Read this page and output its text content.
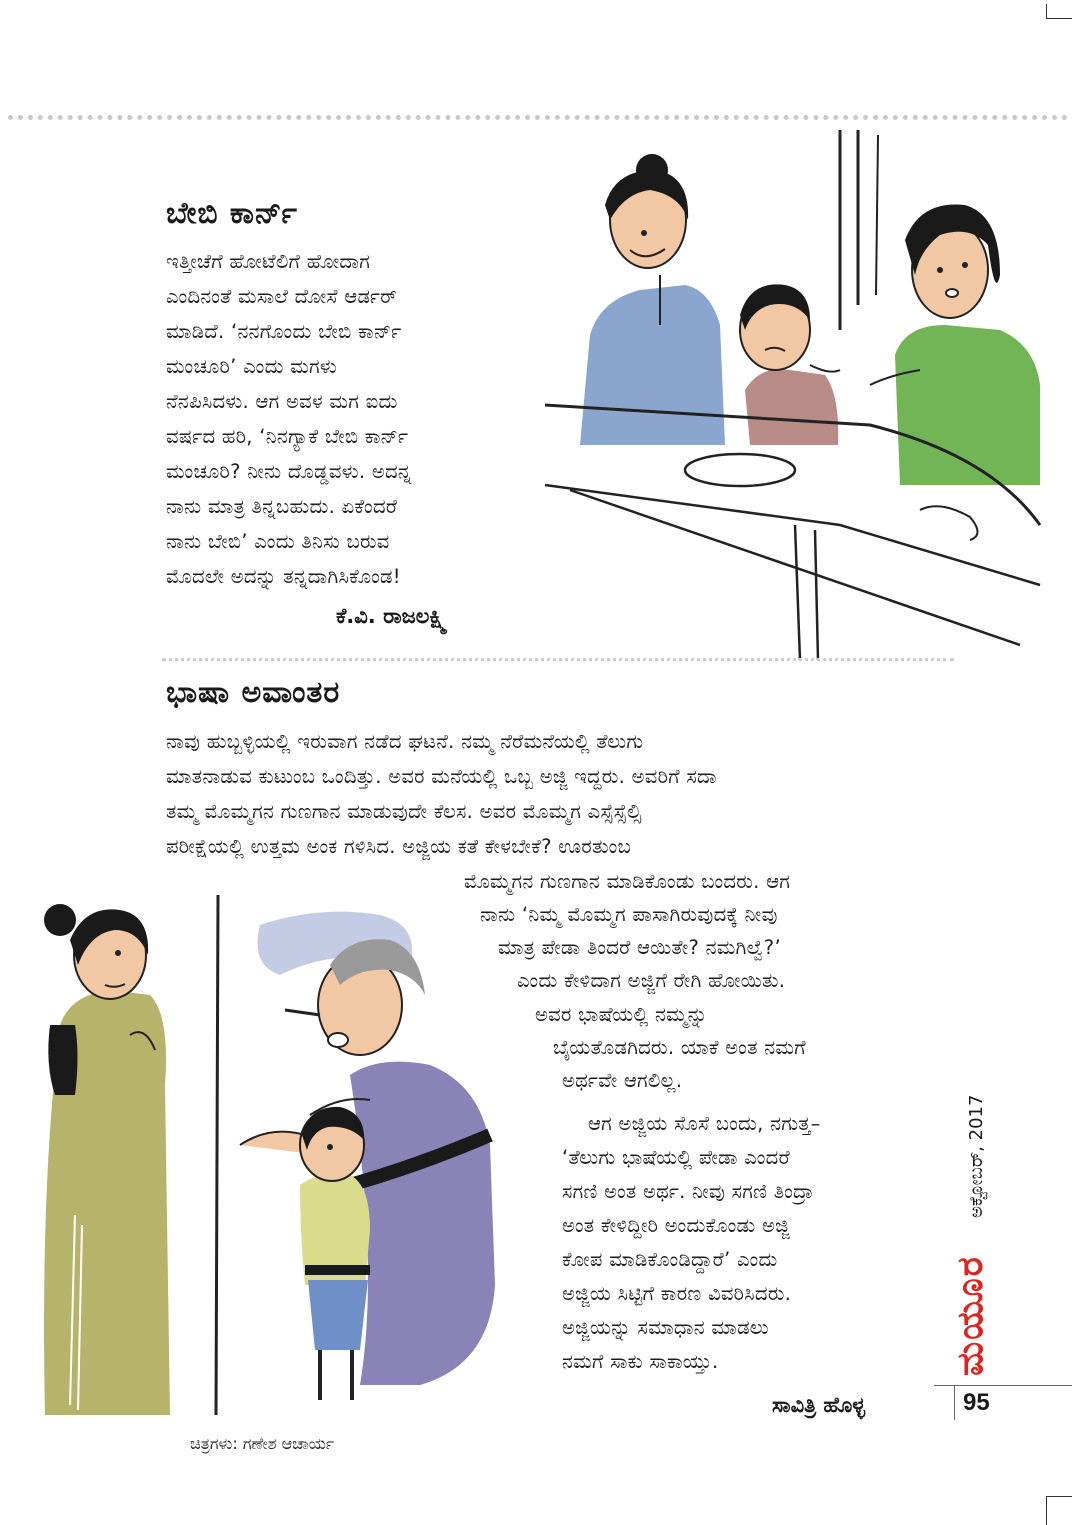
ಬೇಬಿ ಕಾರ್ನ್
ಇತ್ತೀಚೆಗೆ ಹೋಟೆಲಿಗೆ ಹೋದಾಗ
ಎಂದಿನಂತೆ ಮಸಾಲೆ ದೋಸೆ ಆರ್ಡರ್
ಮಾಡಿದೆ. ‘ನನಗೊಂದು ಬೇಬಿ ಕಾರ್ನ್
ಮಂಚೂರಿ’ ಎಂದು ಮಗಳು
ನೆನಪಿಸಿದಳು. ಆಗ ಅವಳ ಮಗ ಐದು
ವರ್ಷದ ಹರಿ, ‘ನಿನಗ್ಯಾಕೆ ಬೇಬಿ ಕಾರ್ನ್
ಮಂಚೂರಿ? ನೀನು ದೊಡ್ಡವಳು. ಅದನ್ನ
ನಾನು ಮಾತ್ರ ತಿನ್ನಬಹುದು. ಏಕೆಂದರೆ
ನಾನು ಬೇಬಿ’ ಎಂದು ತಿನಿಸು ಬರುವ
ಮೊದಲೇ ಅದನ್ನು ತನ್ನದಾಗಿಸಿಕೊಂಡ!
ಕೆ.ವಿ. ರಾಜಲಕ್ಷ್ಮಿ
ಭಾಷಾ ಅವಾಂತರ
ನಾವು ಹುಬ್ಬಳ್ಳಿಯಲ್ಲಿ ಇರುವಾಗ ನಡೆದ ಘಟನೆ. ನಮ್ಮ ನೆರೆಮನೆಯಲ್ಲಿ ತೆಲುಗು
ಮಾತನಾಡುವ ಕುಟುಂಬ ಒಂದಿತ್ತು. ಅವರ ಮನೆಯಲ್ಲಿ ಒಬ್ಬ ಅಜ್ಜಿ ಇದ್ದರು. ಅವರಿಗೆ ಸದಾ
ತಮ್ಮ ಮೊಮ್ಮಗನ ಗುಣಗಾನ ಮಾಡುವುದೇ ಕೆಲಸ. ಅವರ ಮೊಮ್ಮಗ ಎಸ್ಸೆಸ್ಸೆಲ್ಸಿ
ಪರೀಕ್ಷೆಯಲ್ಲಿ ಉತ್ತಮ ಅಂಕ ಗಳಿಸಿದ. ಅಜ್ಜಿಯ ಕತೆ ಕೇಳಬೇಕೆ? ಊರತುಂಬ
ಮೊಮ್ಮಗನ ಗುಣಗಾನ ಮಾಡಿಕೊಂಡು ಬಂದರು. ಆಗ
ನಾನು ‘ನಿಮ್ಮ ಮೊಮ್ಮಗ ಪಾಸಾಗಿರುವುದಕ್ಕೆ ನೀವು
ಮಾತ್ರ ಪೇಡಾ ತಿಂದರೆ ಆಯಿತೇ? ನಮಗಿಲ್ವೆ?’
ಎಂದು ಕೇಳಿದಾಗ ಅಜ್ಜಿಗೆ ರೇಗಿ ಹೋಯಿತು.
ಅವರ ಭಾಷೆಯಲ್ಲಿ ನಮ್ಮನ್ನು
ಬೈಯತೊಡಗಿದರು. ಯಾಕೆ ಅಂತ ನಮಗೆ
ಅರ್ಥವೇ ಆಗಲಿಲ್ಲ.
ಆಗ ಅಜ್ಜಿಯ ಸೊಸೆ ಬಂದು, ನಗುತ್ತ–
‘ತೆಲುಗು ಭಾಷೆಯಲ್ಲಿ ಪೇಡಾ ಎಂದರೆ
ಸಗಣಿ ಅಂತ ಅರ್ಥ. ನೀವು ಸಗಣಿ ತಿಂದ್ರಾ
ಅಂತ ಕೇಳಿದ್ದೀರಿ ಅಂದುಕೊಂಡು ಅಜ್ಜಿ
ಕೋಪ ಮಾಡಿಕೊಂಡಿದ್ದಾರೆ’ ಎಂದು
ಅಜ್ಜಿಯ ಸಿಟ್ಟಿಗೆ ಕಾರಣ ವಿವರಿಸಿದರು.
ಅಜ್ಜಿಯನ್ನು ಸಮಾಧಾನ ಮಾಡಲು
ನಮಗೆ ಸಾಕು ಸಾಕಾಯ್ತು.
ಸಾವಿತ್ರಿ ಹೊಳ್ಳ
ಚಿತ್ರಗಳು: ಗಣೇಶ ಆಚಾರ್ಯ
ಅಕ್ಟೋಬರ್, 2017
ಮಯೂರ
95
